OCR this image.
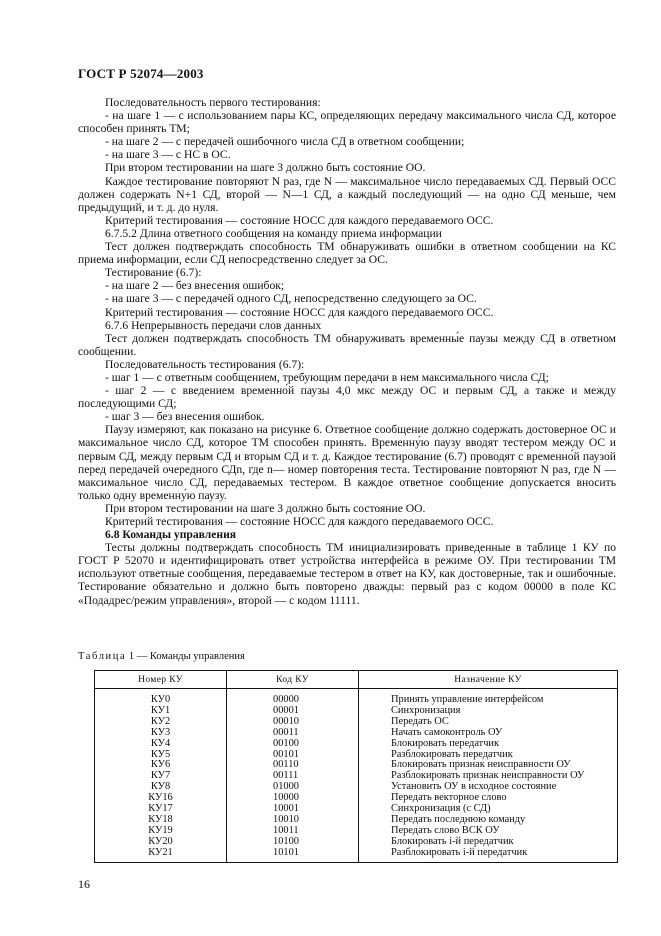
ГОСТ Р 52074—2003

Последовательность первого тестирования:

- на шаге 1 — с использованием пары КС, определяющих передачу максимального числа СД, которое способен принять ТМ;

- на шаге 2 — с передачей ошибочного числа СД в ответном сообщении;

- на шаге 3 — с НС в ОС.

При втором тестировании на шаге 3 должно быть состояние ОО.

Каждое тестирование повторяют N раз, где N — максимальное число передаваемых СД. Первый ОСС должен содержать N+1 СД, второй — N—1 СД, а каждый последующий — на одно СД меньше, чем предыдущий, и т. д. до нуля.

Критерий тестирования — состояние НОСС для каждого передаваемого ОСС.

6.7.5.2 Длина ответного сообщения на команду приема информации

Тест должен подтверждать способность ТМ обнаруживать ошибки в ответном сообщении на КС приема информации, если СД непосредственно следует за ОС.

Тестирование (6.7):

- на шаге 2 — без внесения ошибок;

- на шаге 3 — с передачей одного СД, непосредственно следующего за ОС.

Критерий тестирования — состояние НОСС для каждого передаваемого ОСС.

6.7.6 Непрерывность передачи слов данных

Тест должен подтверждать способность ТМ обнаруживать временны́е паузы между СД в ответном сообщении.

Последовательность тестирования (6.7):

- шаг 1 — с ответным сообщением, требующим передачи в нем максимального числа СД;

- шаг 2 — с введением временно́й паузы 4,0 мкс между ОС и первым СД, а также и между последующими СД;

- шаг 3 — без внесения ошибок.

Паузу измеряют, как показано на рисунке 6. Ответное сообщение должно содержать достоверное ОС и максимальное число СД, которое ТМ способен принять. Временну́ю паузу вводят тестером между ОС и первым СД, между первым СД и вторым СД и т. д. Каждое тестирование (6.7) проводят с временно́й паузой перед передачей очередного СДn, где n— номер повторения теста. Тестирование повторяют N раз, где N — максимальное число СД, передаваемых тестером. В каждое ответное сообщение допускается вносить только одну временну́ю паузу.

При втором тестировании на шаге 3 должно быть состояние ОО.

Критерий тестирования — состояние НОСС для каждого передаваемого ОСС.

6.8 Команды управления

Тесты должны подтверждать способность ТМ инициализировать приведенные в таблице 1 КУ по ГОСТ Р 52070 и идентифицировать ответ устройства интерфейса в режиме ОУ. При тестировании ТМ используют ответные сообщения, передаваемые тестером в ответ на КУ, как достоверные, так и ошибочные. Тестирование обязательно и должно быть повторено дважды: первый раз с кодом 00000 в поле КС «Подадрес/режим управления», второй — с кодом 11111.

Таблица 1 — Команды управления
Номер КУ	Код КУ	Назначение КУ
КУ0	00000	Принять управление интерфейсом
КУ1	00001	Синхронизация
КУ2	00010	Передать ОС
КУ3	00011	Начать самоконтроль ОУ
КУ4	00100	Блокировать передатчик
КУ5	00101	Разблокировать передатчик
КУ6	00110	Блокировать признак неисправности ОУ
КУ7	00111	Разблокировать признак неисправности ОУ
КУ8	01000	Установить ОУ в исходное состояние
КУ16	10000	Передать векторное слово
КУ17	10001	Синхронизация (с СД)
КУ18	10010	Передать последнюю команду
КУ19	10011	Передать слово ВСК ОУ
КУ20	10100	Блокировать i-й передатчик
КУ21	10101	Разблокировать i-й передатчик
16
